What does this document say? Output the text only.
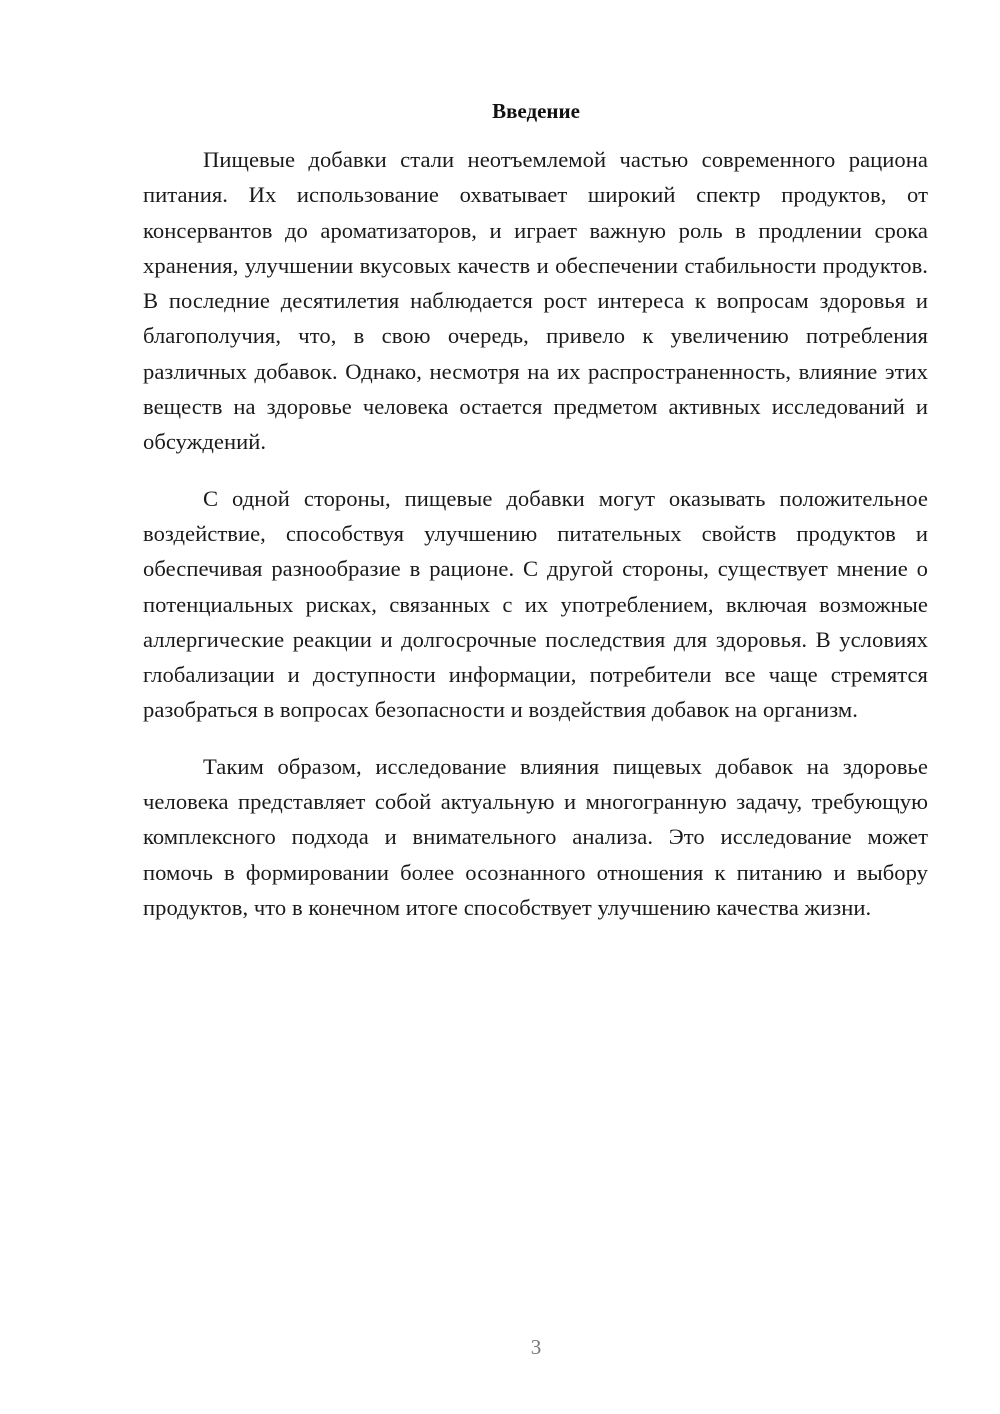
Введение

Пищевые добавки стали неотъемлемой частью современного рациона питания. Их использование охватывает широкий спектр продуктов, от консервантов до ароматизаторов, и играет важную роль в продлении срока хранения, улучшении вкусовых качеств и обеспечении стабильности продуктов. В последние десятилетия наблюдается рост интереса к вопросам здоровья и благополучия, что, в свою очередь, привело к увеличению потребления различных добавок. Однако, несмотря на их распространенность, влияние этих веществ на здоровье человека остается предметом активных исследований и обсуждений.

С одной стороны, пищевые добавки могут оказывать положительное воздействие, способствуя улучшению питательных свойств продуктов и обеспечивая разнообразие в рационе. С другой стороны, существует мнение о потенциальных рисках, связанных с их употреблением, включая возможные аллергические реакции и долгосрочные последствия для здоровья. В условиях глобализации и доступности информации, потребители все чаще стремятся разобраться в вопросах безопасности и воздействия добавок на организм.

Таким образом, исследование влияния пищевых добавок на здоровье человека представляет собой актуальную и многогранную задачу, требующую комплексного подхода и внимательного анализа. Это исследование может помочь в формировании более осознанного отношения к питанию и выбору продуктов, что в конечном итоге способствует улучшению качества жизни.

3
